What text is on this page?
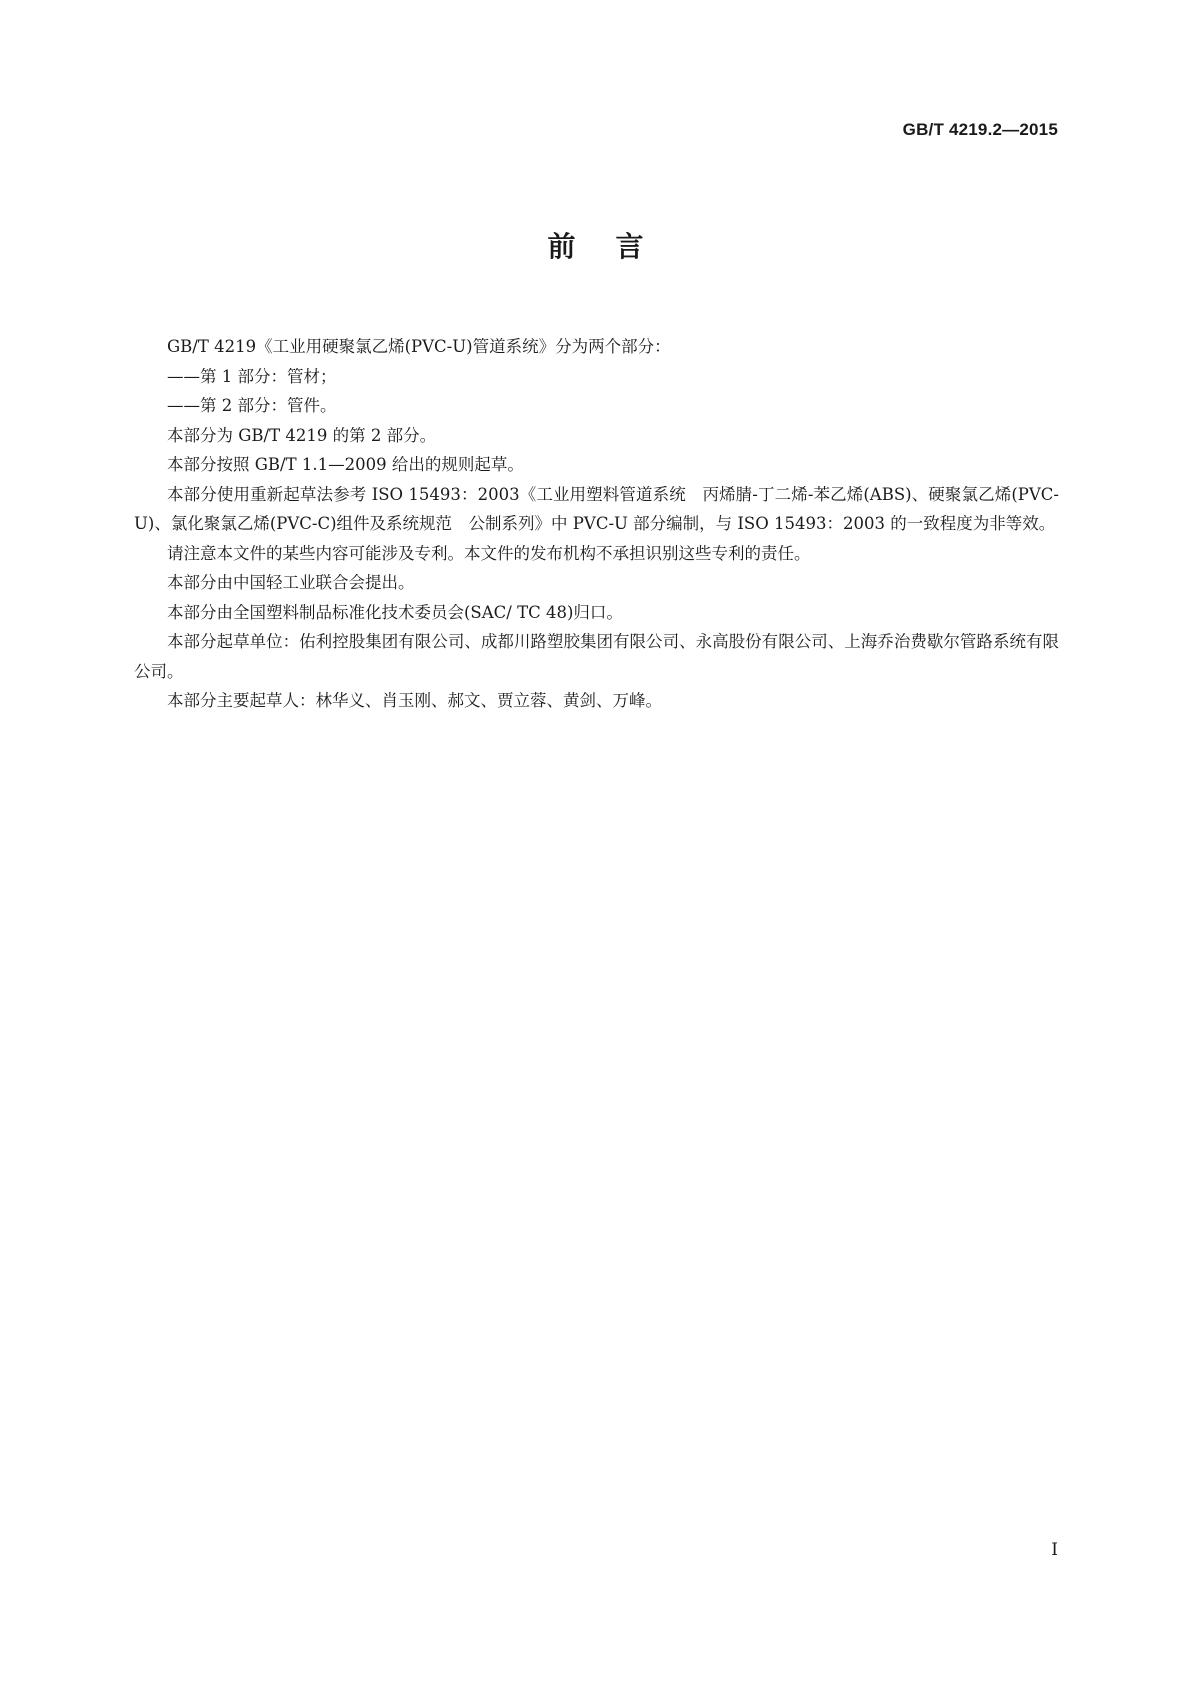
GB/T 4219.2—2015
前言

GB/T 4219《工业用硬聚氯乙烯(PVC-U)管道系统》分为两个部分：

——第 1 部分：管材；

——第 2 部分：管件。

本部分为 GB/T 4219 的第 2 部分。

本部分按照 GB/T 1.1—2009 给出的规则起草。

本部分使用重新起草法参考 ISO 15493：2003《工业用塑料管道系统　丙烯腈-丁二烯-苯乙烯(ABS)、硬聚氯乙烯(PVC-U)、氯化聚氯乙烯(PVC-C)组件及系统规范　公制系列》中 PVC-U 部分编制，与 ISO 15493：2003 的一致程度为非等效。

请注意本文件的某些内容可能涉及专利。本文件的发布机构不承担识别这些专利的责任。

本部分由中国轻工业联合会提出。

本部分由全国塑料制品标准化技术委员会(SAC/ TC 48)归口。

本部分起草单位：佑利控股集团有限公司、成都川路塑胶集团有限公司、永高股份有限公司、上海乔治费歇尔管路系统有限公司。

本部分主要起草人：林华义、肖玉刚、郝文、贾立蓉、黄剑、万峰。

I
